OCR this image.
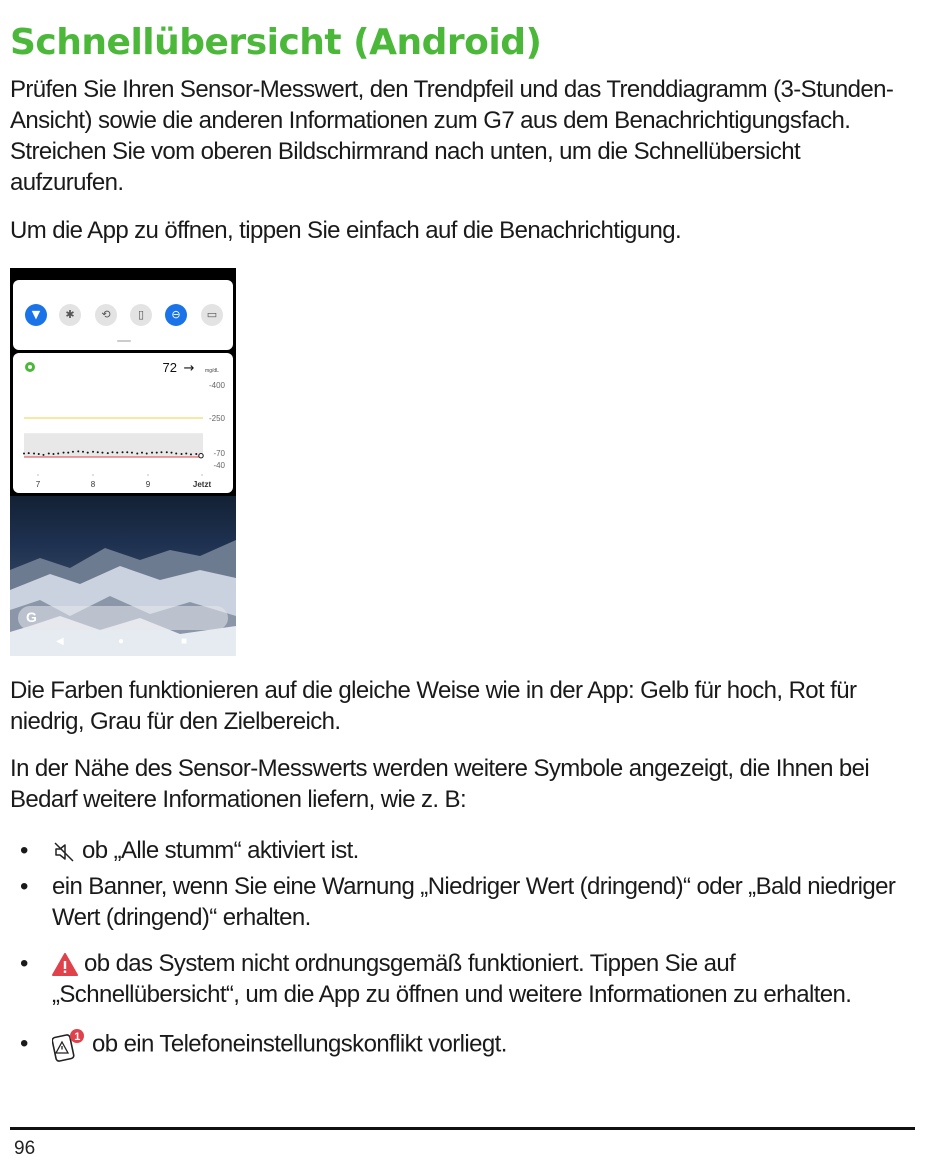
Schnellübersicht (Android)

Prüfen Sie Ihren Sensor-Messwert, den Trendpfeil und das Trenddiagramm (3-Stunden-Ansicht) sowie die anderen Informationen zum G7 aus dem Benachrichtigungsfach. Streichen Sie vom oberen Bildschirmrand nach unten, um die Schnellübersicht aufzurufen.

Um die App zu öffnen, tippen Sie einfach auf die Benachrichtigung.

Die Farben funktionieren auf die gleiche Weise wie in der App: Gelb für hoch, Rot für niedrig, Grau für den Zielbereich.

In der Nähe des Sensor-Messwerts werden weitere Symbole angezeigt, die Ihnen bei Bedarf weitere Informationen liefern, wie z. B:

• ob „Alle stumm“ aktiviert ist.
• ein Banner, wenn Sie eine Warnung „Niedriger Wert (dringend)“ oder „Bald niedriger Wert (dringend)“ erhalten.
• ob das System nicht ordnungsgemäß funktioniert. Tippen Sie auf „Schnellübersicht“, um die App zu öffnen und weitere Informationen zu erhalten.
•	1 ob ein Telefoneinstellungskonflikt vorliegt.
▼	✱	⟲	▯	⊖	▭
72 → mg/dL
-400
-250
-70
-40
7	8	9	Jetzt
G
◀	●	■
96
